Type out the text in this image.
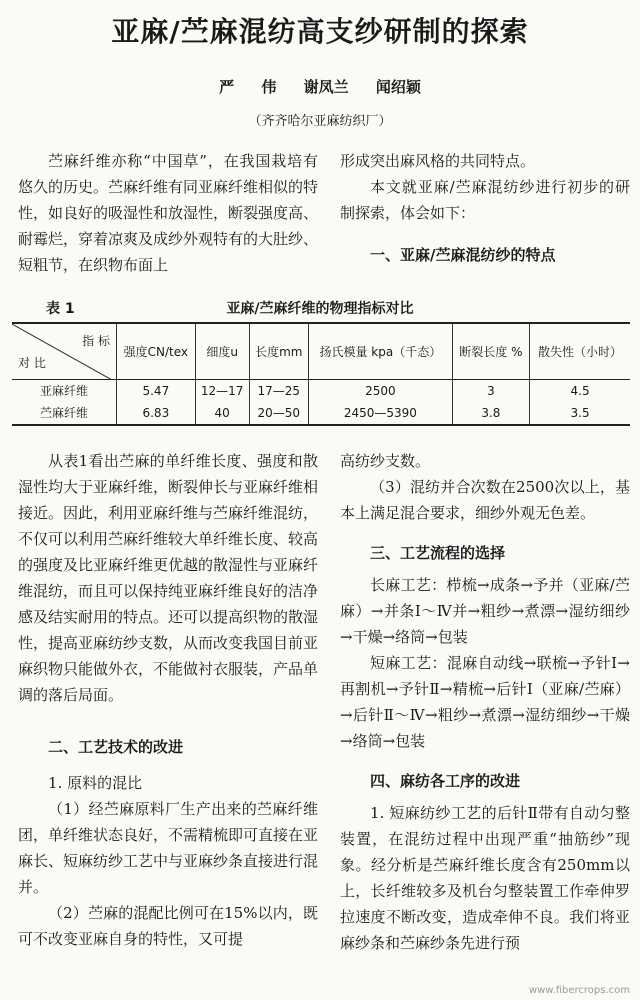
亚麻/苎麻混纺高支纱研制的探索
严 伟 谢凤兰 闻绍颖
（齐齐哈尔亚麻纺织厂）

苎麻纤维亦称“中国草”，在我国栽培有悠久的历史。苎麻纤维有同亚麻纤维相似的特性，如良好的吸湿性和放湿性，断裂强度高、耐霉烂，穿着凉爽及成纱外观特有的大肚纱、短粗节，在织物布面上

形成突出麻风格的共同特点。

本文就亚麻/苎麻混纺纱进行初步的研制探索，体会如下：

一、亚麻/苎麻混纺纱的特点

表 1	亚麻/苎麻纤维的物理指标对比
指 标
对 比	强度CN/tex	细度u	长度mm	扬氏模量 kpa（千态）	断裂长度 %	散失性（小时）
亚麻纤维	5.47	12—17	17—25	2500	3	4.5
苎麻纤维	6.83	40	20—50	2450—5390	3.8	3.5

从表1看出苎麻的单纤维长度、强度和散湿性均大于亚麻纤维，断裂伸长与亚麻纤维相接近。因此，利用亚麻纤维与苎麻纤维混纺，不仅可以利用苎麻纤维较大单纤维长度、较高的强度及比亚麻纤维更优越的散湿性与亚麻纤维混纺，而且可以保持纯亚麻纤维良好的洁净感及结实耐用的特点。还可以提高织物的散湿性，提高亚麻纺纱支数，从而改变我国目前亚麻织物只能做外衣，不能做衬衣服装，产品单调的落后局面。

二、工艺技术的改进

1. 原料的混比

（1）经苎麻原料厂生产出来的苎麻纤维团，单纤维状态良好，不需精梳即可直接在亚麻长、短麻纺纱工艺中与亚麻纱条直接进行混并。

（2）苎麻的混配比例可在15%以内，既可不改变亚麻自身的特性，又可提

高纺纱支数。

（3）混纺并合次数在2500次以上，基本上满足混合要求，细纱外观无色差。

三、工艺流程的选择

长麻工艺：栉梳→成条→予并（亚麻/苎麻）→并条Ⅰ～Ⅳ并→粗纱→煮漂→湿纺细纱→干燥→络筒→包装

短麻工艺：混麻自动线→联梳→予针Ⅰ→再割机→予针Ⅱ→精梳→后针Ⅰ（亚麻/苎麻）→后针Ⅱ～Ⅳ→粗纱→煮漂→湿纺细纱→干燥→络筒→包装

四、麻纺各工序的改进

1. 短麻纺纱工艺的后针Ⅱ带有自动匀整装置，在混纺过程中出现严重“抽筋纱”现象。经分析是苎麻纤维长度含有250mm以上，长纤维较多及机台匀整装置工作牵伸罗拉速度不断改变，造成牵伸不良。我们将亚麻纱条和苎麻纱条先进行预

www.fibercrops.com
